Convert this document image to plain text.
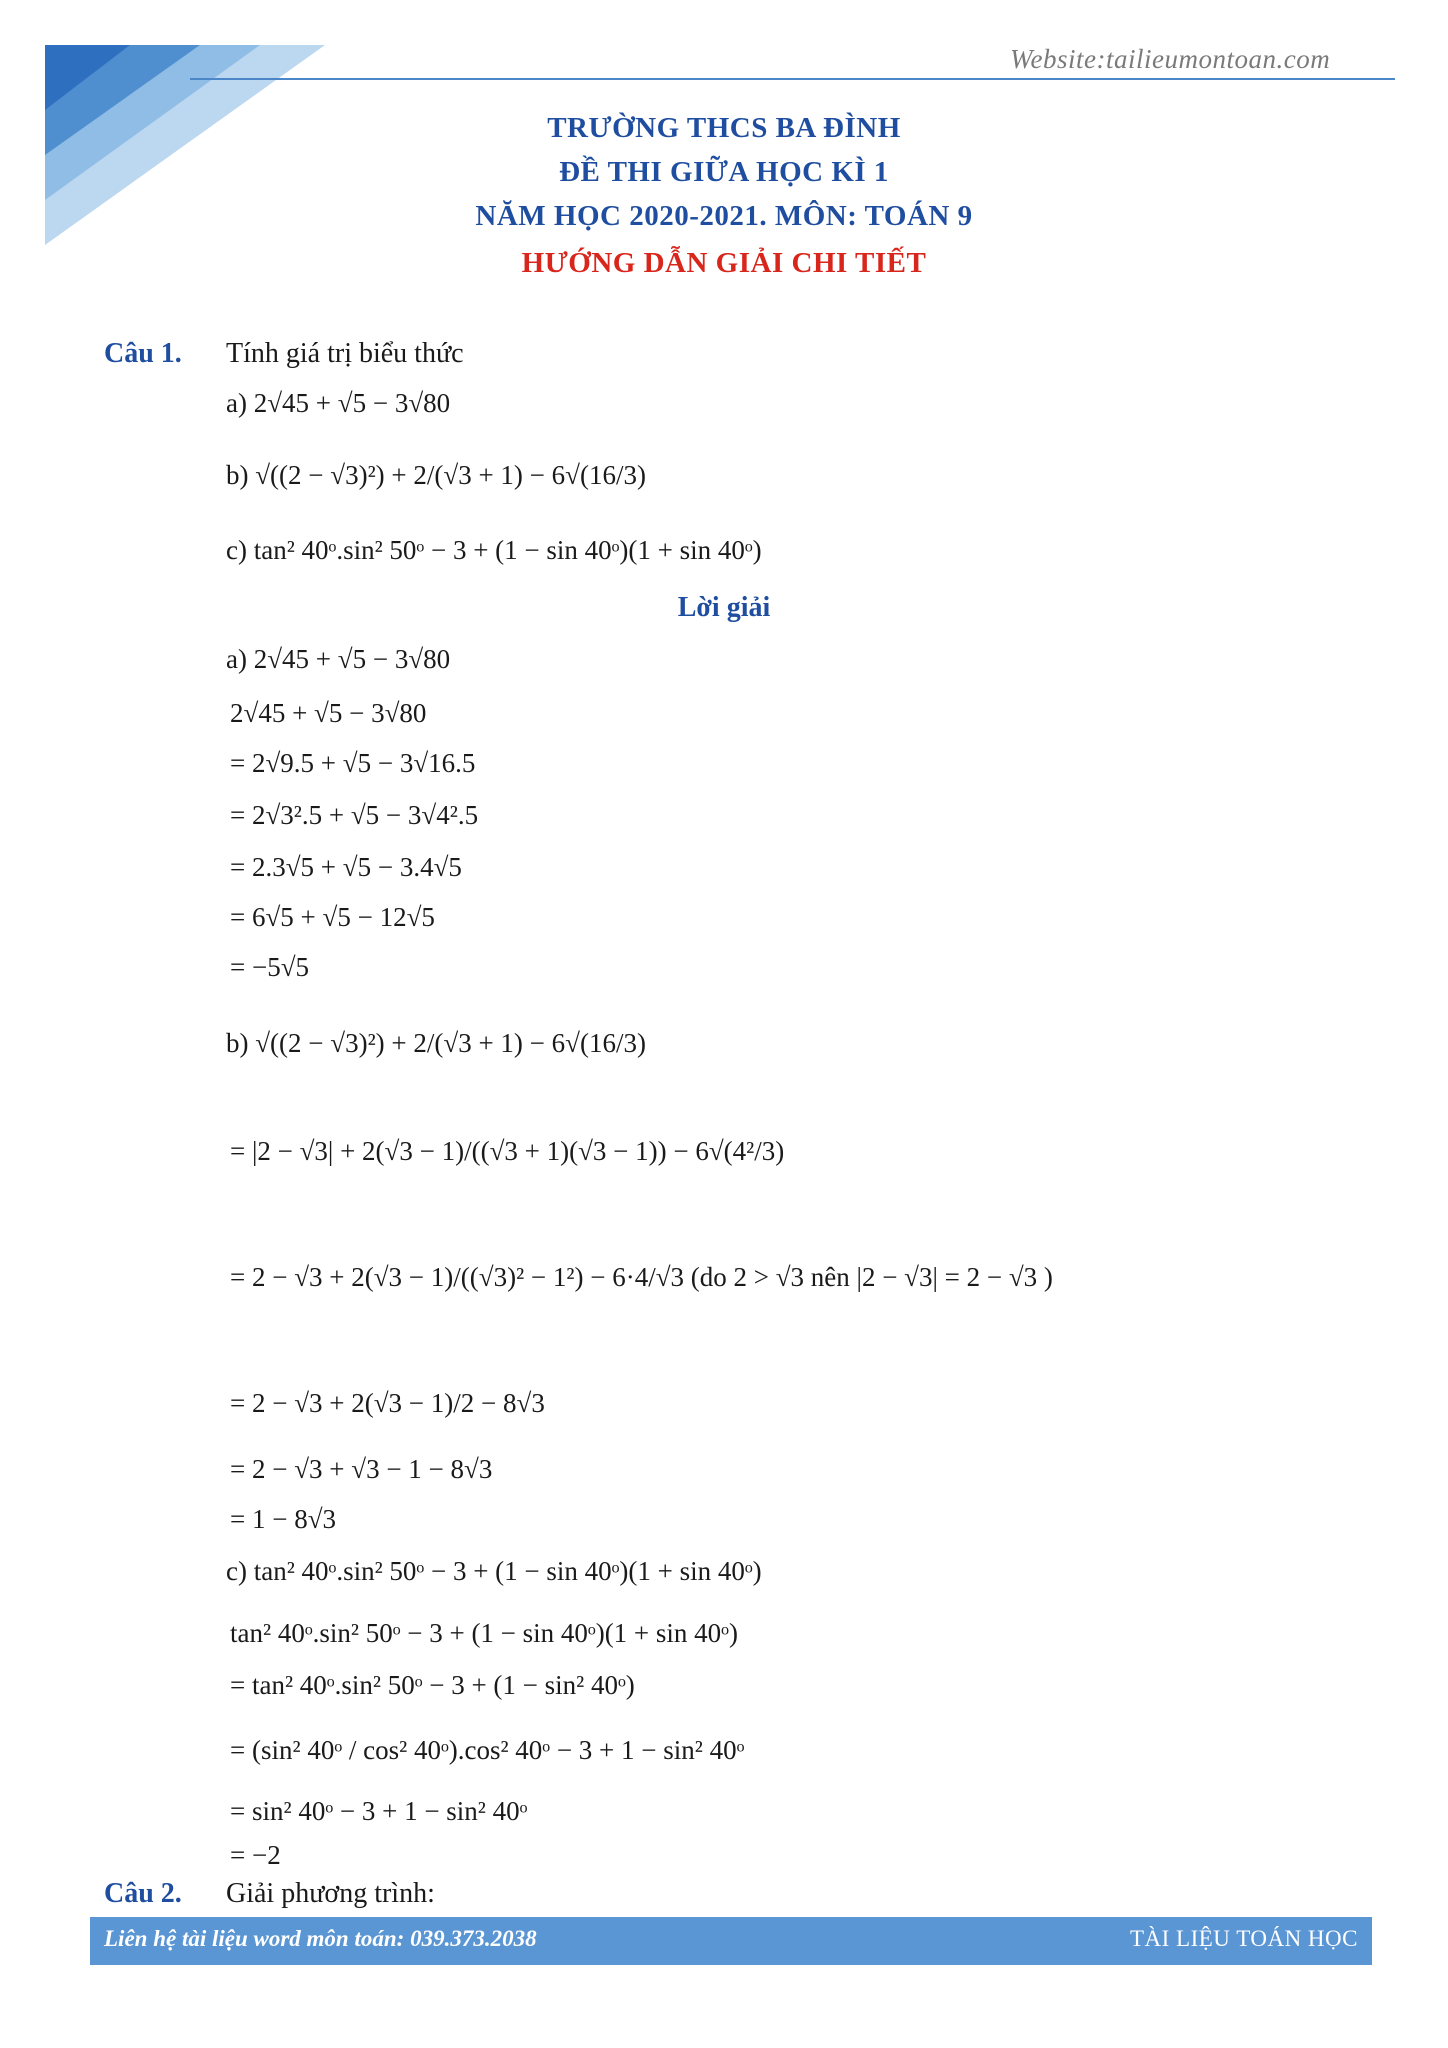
Website:tailieumontoan.com
TRƯỜNG THCS BA ĐÌNH
ĐỀ THI GIỮA HỌC KÌ 1
NĂM HỌC 2020-2021. MÔN: TOÁN 9
HƯỚNG DẪN GIẢI CHI TIẾT
Câu 1. Tính giá trị biểu thức
a) 2√45 + √5 − 3√80
b) √((2 − √3)²) + 2/(√3 + 1) − 6√(16/3)
c) tan² 40ᵒ.sin² 50ᵒ − 3 + (1 − sin 40ᵒ)(1 + sin 40ᵒ)
Lời giải
a) 2√45 + √5 − 3√80
2√45 + √5 − 3√80
= 2√9.5 + √5 − 3√16.5
= 2√3².5 + √5 − 3√4².5
= 2.3√5 + √5 − 3.4√5
= 6√5 + √5 − 12√5
= −5√5
b) √((2 − √3)²) + 2/(√3 + 1) − 6√(16/3)
= |2 − √3| + 2(√3 − 1)/((√3 + 1)(√3 − 1)) − 6√(4²/3)
= 2 − √3 + 2(√3 − 1)/((√3)² − 1²) − 6·4/√3 (do 2 > √3 nên |2 − √3| = 2 − √3 )
= 2 − √3 + 2(√3 − 1)/2 − 8√3
= 2 − √3 + √3 − 1 − 8√3
= 1 − 8√3
c) tan² 40ᵒ.sin² 50ᵒ − 3 + (1 − sin 40ᵒ)(1 + sin 40ᵒ)
tan² 40ᵒ.sin² 50ᵒ − 3 + (1 − sin 40ᵒ)(1 + sin 40ᵒ)
= tan² 40ᵒ.sin² 50ᵒ − 3 + (1 − sin² 40ᵒ)
= (sin² 40ᵒ / cos² 40ᵒ).cos² 40ᵒ − 3 + 1 − sin² 40ᵒ
= sin² 40ᵒ − 3 + 1 − sin² 40ᵒ
= −2
Câu 2. Giải phương trình:
Liên hệ tài liệu word môn toán: 039.373.2038	TÀI LIỆU TOÁN HỌC
